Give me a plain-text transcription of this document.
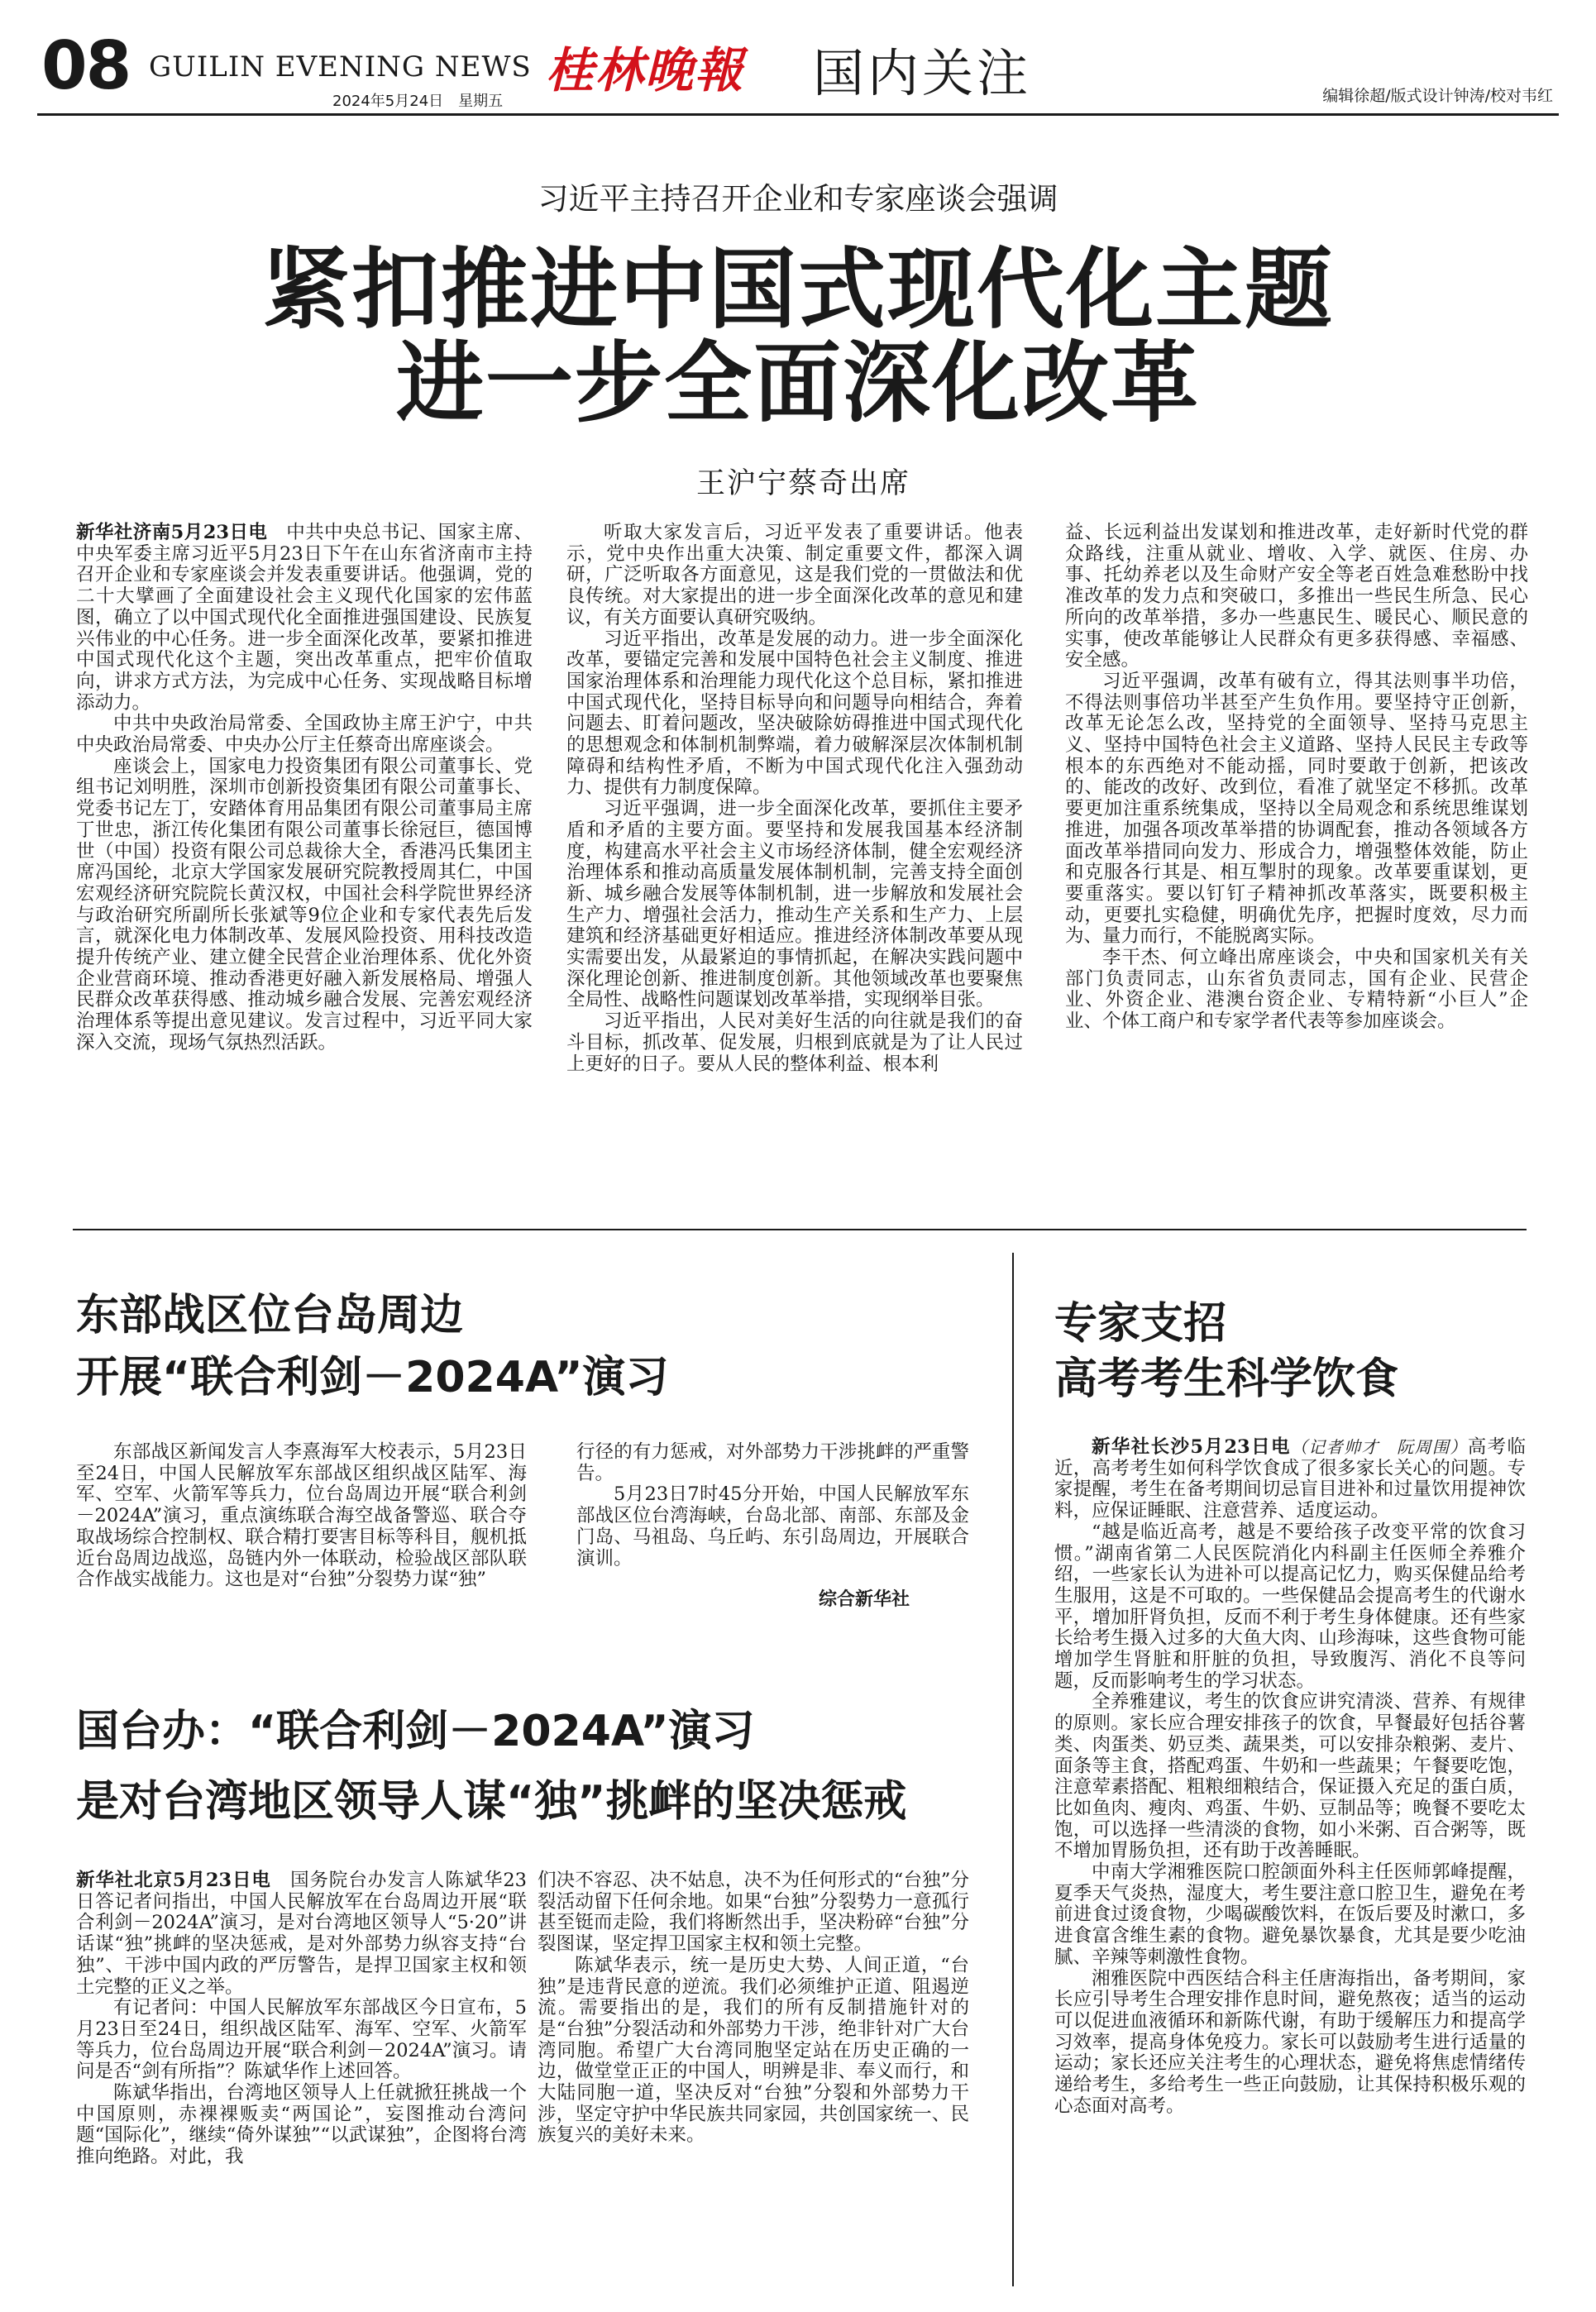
08 GUILIN EVENING NEWS
2024年5月24日　星期五
桂林晚報 国内关注	编辑徐超/版式设计钟涛/校对韦红
习近平主持召开企业和专家座谈会强调
紧扣推进中国式现代化主题
进一步全面深化改革
王沪宁蔡奇出席

新华社济南5月23日电　 中共中央总书记、国家主席、中央军委主席习近平5月23日下午在山东省济南市主持召开企业和专家座谈会并发表重要讲话。他强调，党的二十大擘画了全面建设社会主义现代化国家的宏伟蓝图，确立了以中国式现代化全面推进强国建设、民族复兴伟业的中心任务。进一步全面深化改革，要紧扣推进中国式现代化这个主题，突出改革重点，把牢价值取向，讲求方式方法，为完成中心任务、实现战略目标增添动力。

中共中央政治局常委、全国政协主席王沪宁，中共中央政治局常委、中央办公厅主任蔡奇出席座谈会。

座谈会上，国家电力投资集团有限公司董事长、党组书记刘明胜，深圳市创新投资集团有限公司董事长、党委书记左丁，安踏体育用品集团有限公司董事局主席丁世忠，浙江传化集团有限公司董事长徐冠巨，德国博世（中国）投资有限公司总裁徐大全，香港冯氏集团主席冯国纶，北京大学国家发展研究院教授周其仁，中国宏观经济研究院院长黄汉权，中国社会科学院世界经济与政治研究所副所长张斌等9位企业和专家代表先后发言，就深化电力体制改革、发展风险投资、用科技改造提升传统产业、建立健全民营企业治理体系、优化外资企业营商环境、推动香港更好融入新发展格局、增强人民群众改革获得感、推动城乡融合发展、完善宏观经济治理体系等提出意见建议。发言过程中，习近平同大家深入交流，现场气氛热烈活跃。

听取大家发言后，习近平发表了重要讲话。他表示，党中央作出重大决策、制定重要文件，都深入调研，广泛听取各方面意见，这是我们党的一贯做法和优良传统。对大家提出的进一步全面深化改革的意见和建议，有关方面要认真研究吸纳。

习近平指出，改革是发展的动力。进一步全面深化改革，要锚定完善和发展中国特色社会主义制度、推进国家治理体系和治理能力现代化这个总目标，紧扣推进中国式现代化，坚持目标导向和问题导向相结合，奔着问题去、盯着问题改，坚决破除妨碍推进中国式现代化的思想观念和体制机制弊端，着力破解深层次体制机制障碍和结构性矛盾，不断为中国式现代化注入强劲动力、提供有力制度保障。

习近平强调，进一步全面深化改革，要抓住主要矛盾和矛盾的主要方面。要坚持和发展我国基本经济制度，构建高水平社会主义市场经济体制，健全宏观经济治理体系和推动高质量发展体制机制，完善支持全面创新、城乡融合发展等体制机制，进一步解放和发展社会生产力、增强社会活力，推动生产关系和生产力、上层建筑和经济基础更好相适应。推进经济体制改革要从现实需要出发，从最紧迫的事情抓起，在解决实践问题中深化理论创新、推进制度创新。其他领域改革也要聚焦全局性、战略性问题谋划改革举措，实现纲举目张。

习近平指出，人民对美好生活的向往就是我们的奋斗目标，抓改革、促发展，归根到底就是为了让人民过上更好的日子。要从人民的整体利益、根本利

益、长远利益出发谋划和推进改革，走好新时代党的群众路线，注重从就业、增收、入学、就医、住房、办事、托幼养老以及生命财产安全等老百姓急难愁盼中找准改革的发力点和突破口，多推出一些民生所急、民心所向的改革举措，多办一些惠民生、暖民心、顺民意的实事，使改革能够让人民群众有更多获得感、幸福感、安全感。

习近平强调，改革有破有立，得其法则事半功倍，不得法则事倍功半甚至产生负作用。要坚持守正创新，改革无论怎么改，坚持党的全面领导、坚持马克思主义、坚持中国特色社会主义道路、坚持人民民主专政等根本的东西绝对不能动摇，同时要敢于创新，把该改的、能改的改好、改到位，看准了就坚定不移抓。改革要更加注重系统集成，坚持以全局观念和系统思维谋划推进，加强各项改革举措的协调配套，推动各领域各方面改革举措同向发力、形成合力，增强整体效能，防止和克服各行其是、相互掣肘的现象。改革要重谋划，更要重落实。要以钉钉子精神抓改革落实，既要积极主动，更要扎实稳健，明确优先序，把握时度效，尽力而为、量力而行，不能脱离实际。

李干杰、何立峰出席座谈会，中央和国家机关有关部门负责同志，山东省负责同志，国有企业、民营企业、外资企业、港澳台资企业、专精特新“小巨人”企业、个体工商户和专家学者代表等参加座谈会。

东部战区位台岛周边
开展“联合利剑－2024A”演习

东部战区新闻发言人李熹海军大校表示，5月23日至24日，中国人民解放军东部战区组织战区陆军、海军、空军、火箭军等兵力，位台岛周边开展“联合利剑－2024A”演习，重点演练联合海空战备警巡、联合夺取战场综合控制权、联合精打要害目标等科目，舰机抵近台岛周边战巡，岛链内外一体联动，检验战区部队联合作战实战能力。这也是对“台独”分裂势力谋“独”

行径的有力惩戒，对外部势力干涉挑衅的严重警告。

5月23日7时45分开始，中国人民解放军东部战区位台湾海峡，台岛北部、南部、东部及金门岛、马祖岛、乌丘屿、东引岛周边，开展联合演训。

综合新华社
国台办：“联合利剑－2024A”演习
是对台湾地区领导人谋“独”挑衅的坚决惩戒

新华社北京5月23日电　 国务院台办发言人陈斌华23日答记者问指出，中国人民解放军在台岛周边开展“联合利剑－2024A”演习，是对台湾地区领导人“5·20”讲话谋“独”挑衅的坚决惩戒，是对外部势力纵容支持“台独”、干涉中国内政的严厉警告，是捍卫国家主权和领土完整的正义之举。

有记者问：中国人民解放军东部战区今日宣布，5月23日至24日，组织战区陆军、海军、空军、火箭军等兵力，位台岛周边开展“联合利剑－2024A”演习。请问是否“剑有所指”？陈斌华作上述回答。

陈斌华指出，台湾地区领导人上任就掀狂挑战一个中国原则，赤裸裸贩卖“两国论”，妄图推动台湾问题“国际化”，继续“倚外谋独”“以武谋独”，企图将台湾推向绝路。对此，我

们决不容忍、决不姑息，决不为任何形式的“台独”分裂活动留下任何余地。如果“台独”分裂势力一意孤行甚至铤而走险，我们将断然出手，坚决粉碎“台独”分裂图谋，坚定捍卫国家主权和领土完整。

陈斌华表示，统一是历史大势、人间正道，“台独”是违背民意的逆流。我们必须维护正道、阻遏逆流。需要指出的是，我们的所有反制措施针对的是“台独”分裂活动和外部势力干涉，绝非针对广大台湾同胞。希望广大台湾同胞坚定站在历史正确的一边，做堂堂正正的中国人，明辨是非、奉义而行，和大陆同胞一道，坚决反对“台独”分裂和外部势力干涉，坚定守护中华民族共同家园，共创国家统一、民族复兴的美好未来。

专家支招
高考考生科学饮食

新华社长沙5月23日电（记者帅才　阮周围）高考临近，高考考生如何科学饮食成了很多家长关心的问题。专家提醒，考生在备考期间切忌盲目进补和过量饮用提神饮料，应保证睡眠、注意营养、适度运动。

“越是临近高考，越是不要给孩子改变平常的饮食习惯。”湖南省第二人民医院消化内科副主任医师全养雅介绍，一些家长认为进补可以提高记忆力，购买保健品给考生服用，这是不可取的。一些保健品会提高考生的代谢水平，增加肝肾负担，反而不利于考生身体健康。还有些家长给考生摄入过多的大鱼大肉、山珍海味，这些食物可能增加学生肾脏和肝脏的负担，导致腹泻、消化不良等问题，反而影响考生的学习状态。

全养雅建议，考生的饮食应讲究清淡、营养、有规律的原则。家长应合理安排孩子的饮食，早餐最好包括谷薯类、肉蛋类、奶豆类、蔬果类，可以安排杂粮粥、麦片、面条等主食，搭配鸡蛋、牛奶和一些蔬果；午餐要吃饱，注意荤素搭配、粗粮细粮结合，保证摄入充足的蛋白质，比如鱼肉、瘦肉、鸡蛋、牛奶、豆制品等；晚餐不要吃太饱，可以选择一些清淡的食物，如小米粥、百合粥等，既不增加胃肠负担，还有助于改善睡眠。

中南大学湘雅医院口腔颌面外科主任医师郭峰提醒，夏季天气炎热，湿度大，考生要注意口腔卫生，避免在考前进食过烫食物，少喝碳酸饮料，在饭后要及时漱口，多进食富含维生素的食物。避免暴饮暴食，尤其是要少吃油腻、辛辣等刺激性食物。

湘雅医院中西医结合科主任唐海指出，备考期间，家长应引导考生合理安排作息时间，避免熬夜；适当的运动可以促进血液循环和新陈代谢，有助于缓解压力和提高学习效率，提高身体免疫力。家长可以鼓励考生进行适量的运动；家长还应关注考生的心理状态，避免将焦虑情绪传递给考生，多给考生一些正向鼓励，让其保持积极乐观的心态面对高考。
